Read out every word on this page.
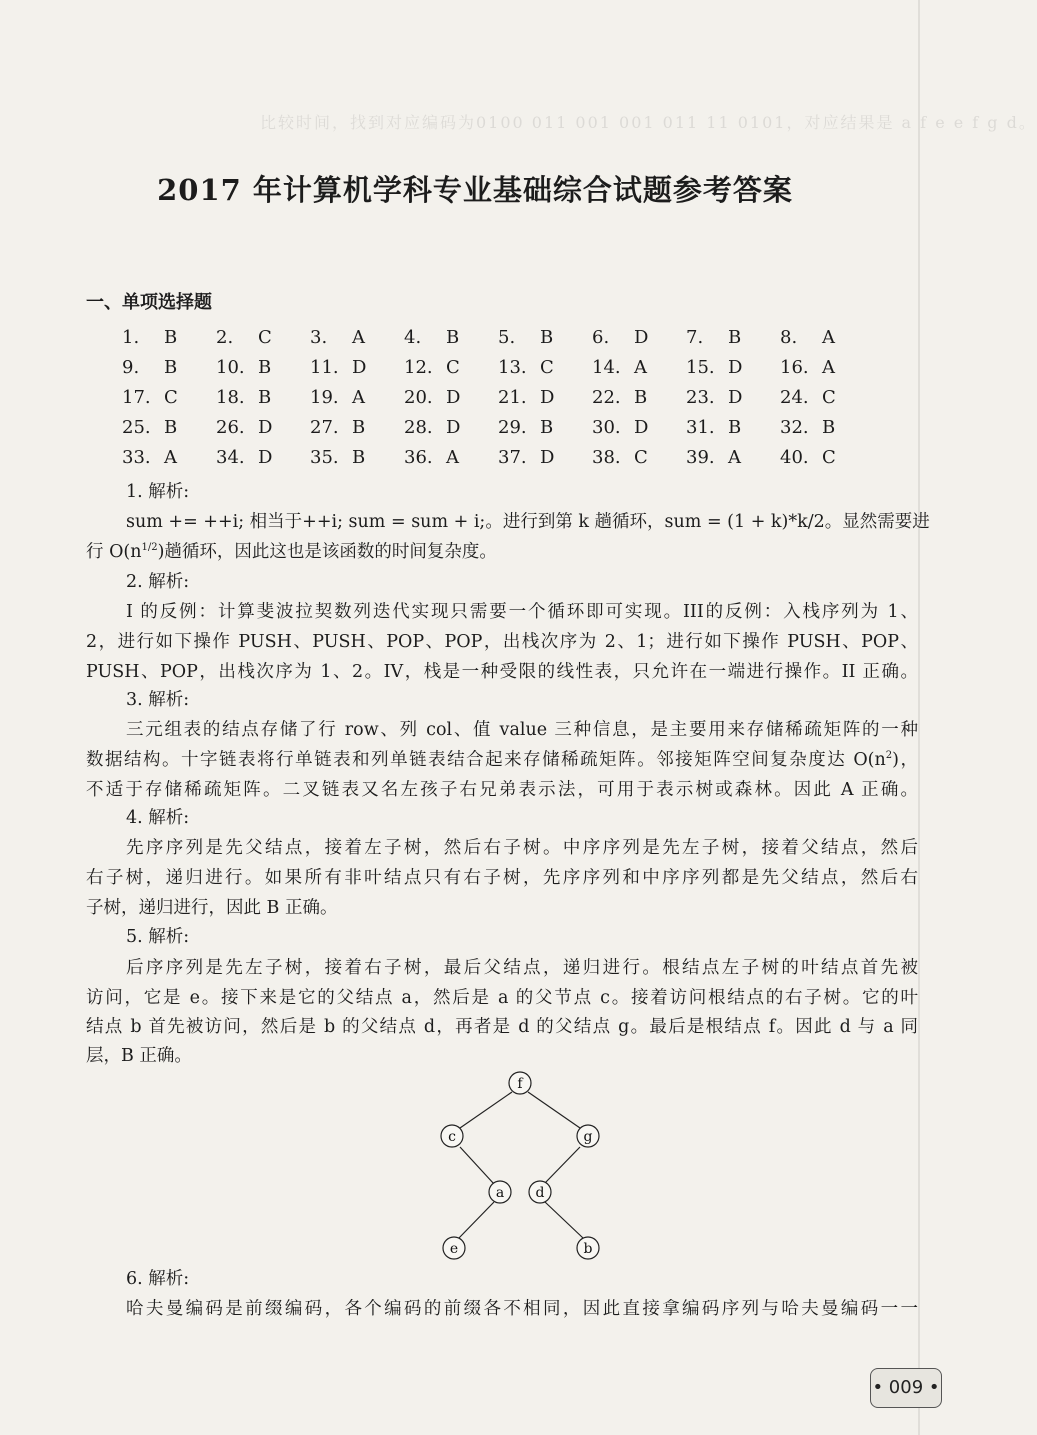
比较时间，找到对应编码为0100 011 001 001 011 11 0101，对应结果是 a f e e f g d。
2017 年计算机学科专业基础综合试题参考答案
一、单项选择题
1. B	2. C	3. A	4. B	5. B	6. D	7. B	8. A
9. B	10. B	11. D	12. C	13. C	14. A	15. D	16. A
17. C	18. B	19. A	20. D	21. D	22. B	23. D	24. C
25. B	26. D	27. B	28. D	29. B	30. D	31. B	32. B
33. A	34. D	35. B	36. A	37. D	38. C	39. A	40. C
1. 解析:
sum += ++i; 相当于++i; sum = sum + i;。进行到第 k 趟循环，sum = (1 + k)*k/2。显然需要进
行 $O(n^{1/2})$趟循环，因此这也是该函数的时间复杂度。
2. 解析:
I 的反例：计算斐波拉契数列迭代实现只需要一个循环即可实现。III的反例：入栈序列为 1、
2，进行如下操作 PUSH、PUSH、POP、POP，出栈次序为 2、1；进行如下操作 PUSH、POP、
PUSH、POP，出栈次序为 1、2。IV，栈是一种受限的线性表，只允许在一端进行操作。II 正确。
3. 解析:
三元组表的结点存储了行 row、列 col、值 value 三种信息，是主要用来存储稀疏矩阵的一种
数据结构。十字链表将行单链表和列单链表结合起来存储稀疏矩阵。邻接矩阵空间复杂度达 $O(n^2)$，
不适于存储稀疏矩阵。二叉链表又名左孩子右兄弟表示法，可用于表示树或森林。因此 A 正确。
4. 解析:
先序序列是先父结点，接着左子树，然后右子树。中序序列是先左子树，接着父结点，然后
右子树，递归进行。如果所有非叶结点只有右子树，先序序列和中序序列都是先父结点，然后右
子树，递归进行，因此 B 正确。
5. 解析:
后序序列是先左子树，接着右子树，最后父结点，递归进行。根结点左子树的叶结点首先被
访问，它是 e。接下来是它的父结点 a，然后是 a 的父节点 c。接着访问根结点的右子树。它的叶
结点 b 首先被访问，然后是 b 的父结点 d，再者是 d 的父结点 g。最后是根结点 f。因此 d 与 a 同
层，B 正确。
6. 解析:
哈夫曼编码是前缀编码，各个编码的前缀各不相同，因此直接拿编码序列与哈夫曼编码一一
f
c	g
a d
e	b
• 009 •
